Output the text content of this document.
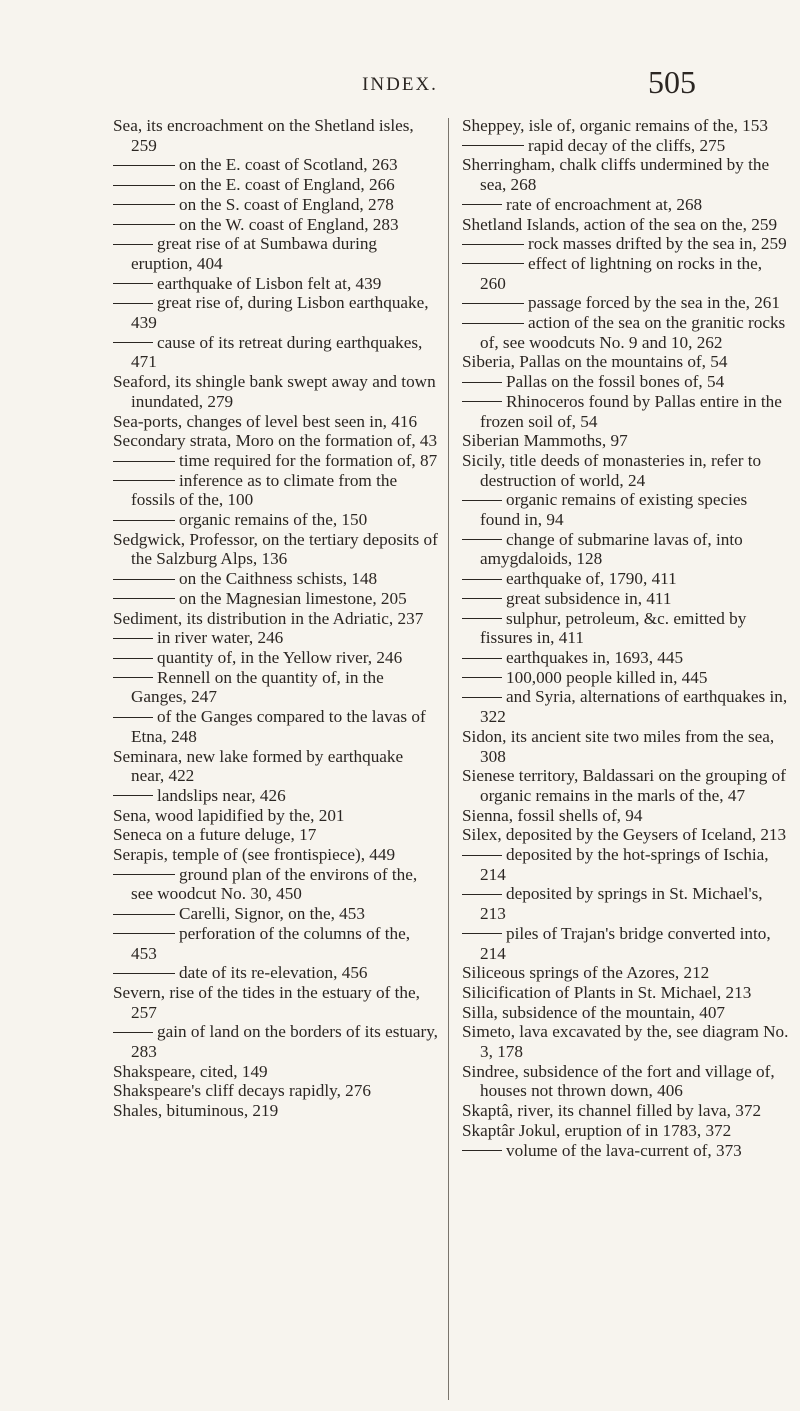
INDEX.	505

Sea, its encroachment on the Shetland isles, 259

on the E. coast of Scotland, 263

on the E. coast of England, 266

on the S. coast of England, 278

on the W. coast of England, 283

great rise of at Sumbawa during eruption, 404

earthquake of Lisbon felt at, 439

great rise of, during Lisbon earthquake, 439

cause of its retreat during earthquakes, 471

Seaford, its shingle bank swept away and town inundated, 279

Sea-ports, changes of level best seen in, 416

Secondary strata, Moro on the formation of, 43

time required for the formation of, 87

inference as to climate from the fossils of the, 100

organic remains of the, 150

Sedgwick, Professor, on the tertiary deposits of the Salzburg Alps, 136

on the Caithness schists, 148

on the Magnesian limestone, 205

Sediment, its distribution in the Adriatic, 237

in river water, 246

quantity of, in the Yellow river, 246

Rennell on the quantity of, in the Ganges, 247

of the Ganges compared to the lavas of Etna, 248

Seminara, new lake formed by earthquake near, 422

landslips near, 426

Sena, wood lapidified by the, 201

Seneca on a future deluge, 17

Serapis, temple of (see frontispiece), 449

ground plan of the environs of the, see woodcut No. 30, 450

Carelli, Signor, on the, 453

perforation of the columns of the, 453

date of its re-elevation, 456

Severn, rise of the tides in the estuary of the, 257

gain of land on the borders of its estuary, 283

Shakspeare, cited, 149

Shakspeare's cliff decays rapidly, 276

Shales, bituminous, 219

Sheppey, isle of, organic remains of the, 153

rapid decay of the cliffs, 275

Sherringham, chalk cliffs undermined by the sea, 268

rate of encroachment at, 268

Shetland Islands, action of the sea on the, 259

rock masses drifted by the sea in, 259

effect of lightning on rocks in the, 260

passage forced by the sea in the, 261

action of the sea on the granitic rocks of, see woodcuts No. 9 and 10, 262

Siberia, Pallas on the mountains of, 54

Pallas on the fossil bones of, 54

Rhinoceros found by Pallas entire in the frozen soil of, 54

Siberian Mammoths, 97

Sicily, title deeds of monasteries in, refer to destruction of world, 24

organic remains of existing species found in, 94

change of submarine lavas of, into amygdaloids, 128

earthquake of, 1790, 411

great subsidence in, 411

sulphur, petroleum, &c. emitted by fissures in, 411

earthquakes in, 1693, 445

100,000 people killed in, 445

and Syria, alternations of earthquakes in, 322

Sidon, its ancient site two miles from the sea, 308

Sienese territory, Baldassari on the grouping of organic remains in the marls of the, 47

Sienna, fossil shells of, 94

Silex, deposited by the Geysers of Iceland, 213

deposited by the hot-springs of Ischia, 214

deposited by springs in St. Michael's, 213

piles of Trajan's bridge converted into, 214

Siliceous springs of the Azores, 212

Silicification of Plants in St. Michael, 213

Silla, subsidence of the mountain, 407

Simeto, lava excavated by the, see diagram No. 3, 178

Sindree, subsidence of the fort and village of, houses not thrown down, 406

Skaptâ, river, its channel filled by lava, 372

Skaptâr Jokul, eruption of in 1783, 372

volume of the lava-current of, 373
